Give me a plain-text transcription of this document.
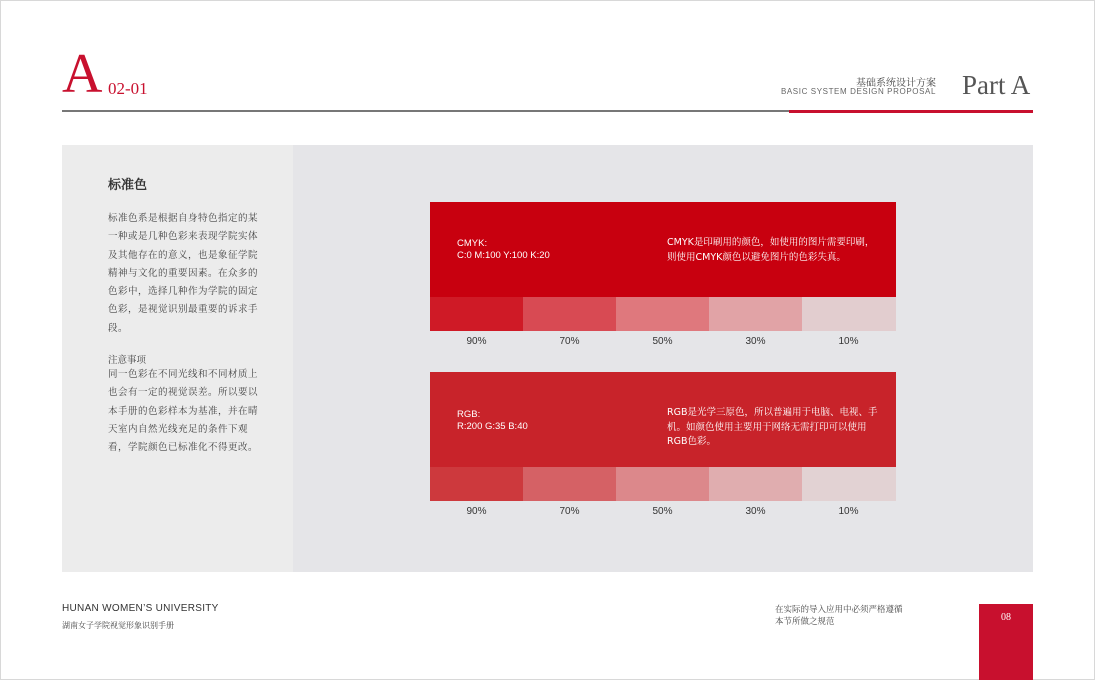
A 02-01	基础系统设计方案
BASIC SYSTEM DESIGN PROPOSAL Part A
标准色
标准色系是根据自身特色指定的某一种或是几种色彩来表现学院实体及其他存在的意义，也是象征学院精神与文化的重要因素。在众多的色彩中，选择几种作为学院的固定色彩，是视觉识别最重要的诉求手段。
注意事项
同一色彩在不同光线和不同材质上也会有一定的视觉误差。所以要以本手册的色彩样本为基准，并在晴天室内自然光线充足的条件下观看，学院颜色已标准化不得更改。
CMYK:
C:0 M:100 Y:100 K:20
CMYK是印刷用的颜色，如使用的图片需要印刷，则使用CMYK颜色以避免图片的色彩失真。
90%	70%	50%	30%	10%
RGB:
R:200 G:35 B:40
RGB是光学三原色，所以普遍用于电脑、电视、手机。如颜色使用主要用于网络无需打印可以使用RGB色彩。
90%	70%	50%	30%	10%
HUNAN WOMEN’S UNIVERSITY
湖南女子学院视觉形象识别手册
在实际的导入应用中必须严格遵循
本节所做之规范	08
